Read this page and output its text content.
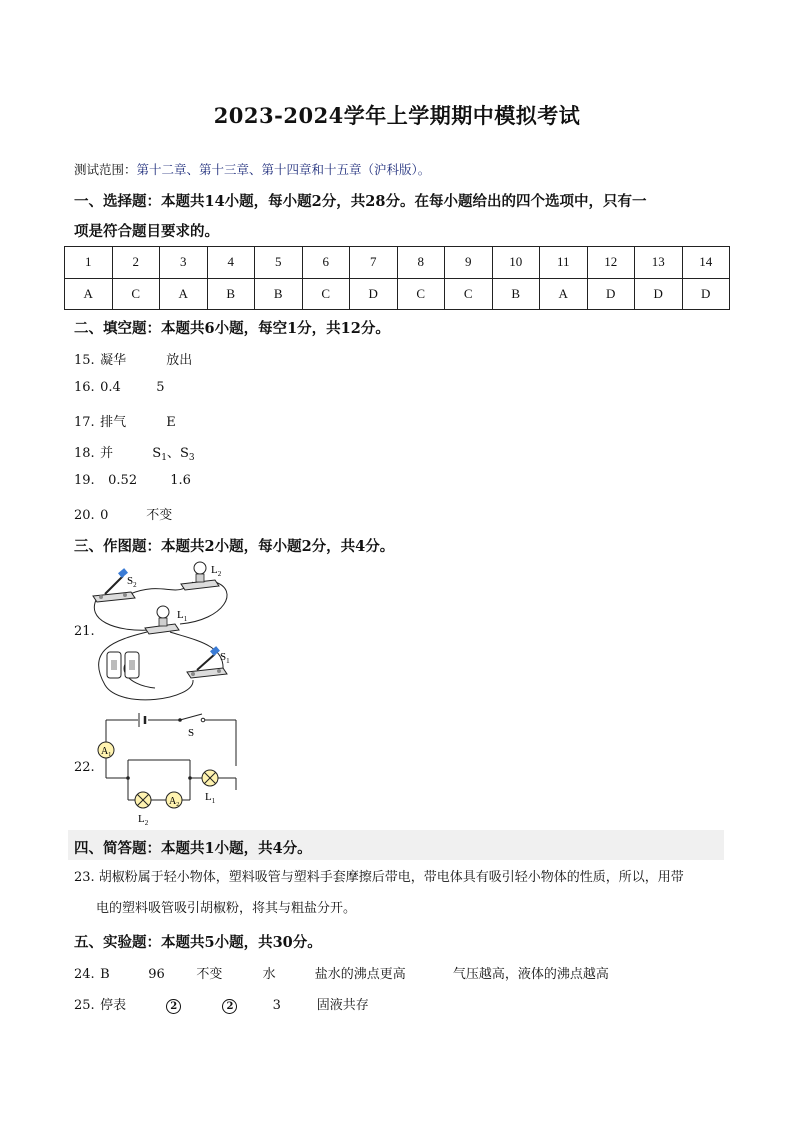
2023-2024学年上学期期中模拟考试
测试范围：第十二章、第十三章、第十四章和十五章（沪科版）。
一、选择题：本题共14小题，每小题2分，共28分。在每小题给出的四个选项中，只有一
项是符合题目要求的。
1	2	3	4	5	6	7	8	9	10	11	12	13	14
A	C	A	B	B	C	D	C	C	B	A	D	D	D
二、填空题：本题共6小题，每空1分，共12分。
15. 凝华	放出
16. 0.4	5
17. 排气	E
18. 并	$S_1$、$S_3$
19. 0.52	1.6
20. 0	不变
三、作图题：本题共2小题，每小题2分，共4分。
21.
$S_2$
$L_2$
$L_1$
$S_1$
22.
S
$A_1$
$L_1$
$L_2$
$A_2$
四、简答题：本题共1小题，共4分。
23. 胡椒粉属于轻小物体，塑料吸管与塑料手套摩擦后带电，带电体具有吸引轻小物体的性质，所以，用带
电的塑料吸管吸引胡椒粉，将其与粗盐分开。
五、实验题：本题共5小题，共30分。
24. B	96 不变	水	盐水的沸点更高	气压越高，液体的沸点越高
25. 停表	2	2	3	固液共存
